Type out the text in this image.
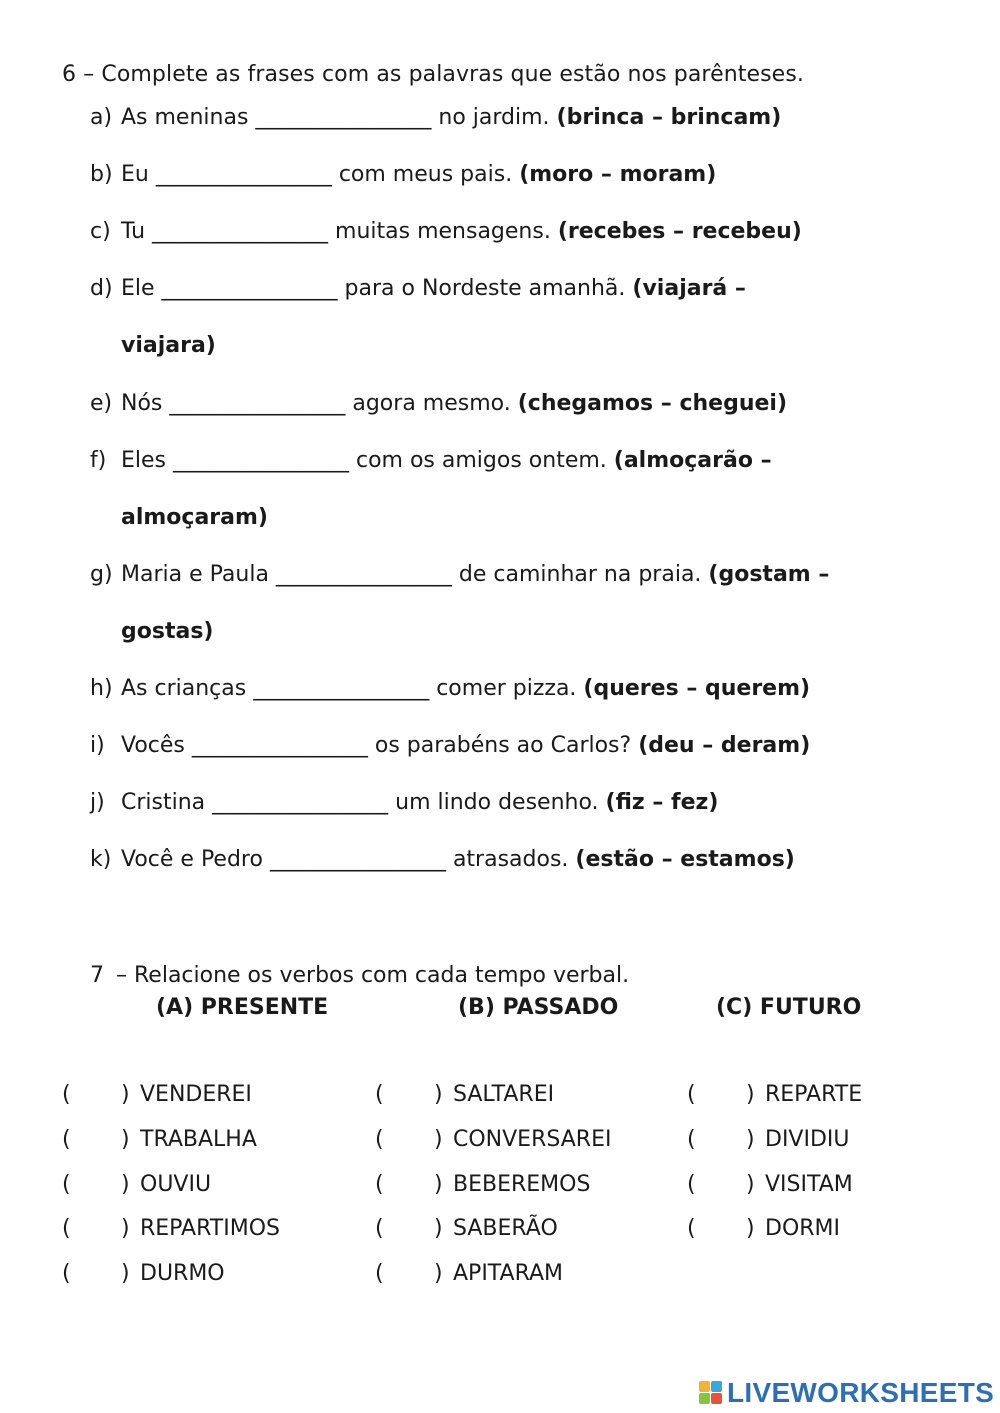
6 – Complete as frases com as palavras que estão nos parênteses.
a) As meninas ________________ no jardim. (brinca – brincam)
b) Eu ________________ com meus pais. (moro – moram)
c) Tu ________________ muitas mensagens. (recebes – recebeu)
d) Ele ________________ para o Nordeste amanhã. (viajará –
viajara)
e) Nós ________________ agora mesmo. (chegamos – cheguei)
f) Eles ________________ com os amigos ontem. (almoçarão –
almoçaram)
g) Maria e Paula ________________ de caminhar na praia. (gostam –
gostas)
h) As crianças ________________ comer pizza. (queres – querem)
i) Vocês ________________ os parabéns ao Carlos? (deu – deram)
j) Cristina ________________ um lindo desenho. (fiz – fez)
k) Você e Pedro ________________ atrasados. (estão – estamos)
7 – Relacione os verbos com cada tempo verbal.
(A) PRESENTE	(B) PASSADO	(C) FUTURO
( ) VENDEREI
( ) TRABALHA
( ) OUVIU
( ) REPARTIMOS
( ) DURMO
( ) SALTAREI
( ) CONVERSAREI
( ) BEBEREMOS
( ) SABERÃO
( ) APITARAM
( ) REPARTE
( ) DIVIDIU
( ) VISITAM
( ) DORMI
LIVEWORKSHEETS
